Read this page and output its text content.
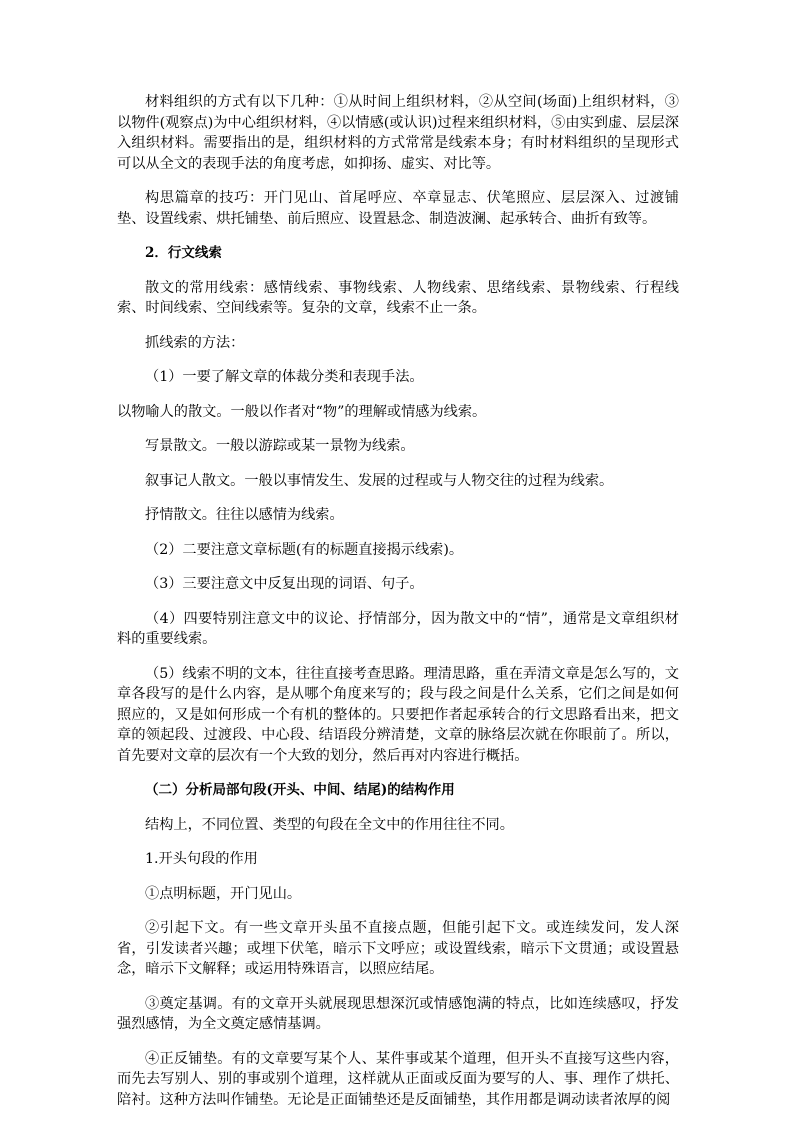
材料组织的方式有以下几种：①从时间上组织材料，②从空间(场面)上组织材料，③以物件(观察点)为中心组织材料，④以情感(或认识)过程来组织材料，⑤由实到虚、层层深入组织材料。需要指出的是，组织材料的方式常常是线索本身；有时材料组织的呈现形式可以从全文的表现手法的角度考虑，如抑扬、虚实、对比等。

构思篇章的技巧：开门见山、首尾呼应、卒章显志、伏笔照应、层层深入、过渡铺垫、设置线索、烘托铺垫、前后照应、设置悬念、制造波澜、起承转合、曲折有致等。

2．行文线索

散文的常用线索：感情线索、事物线索、人物线索、思绪线索、景物线索、行程线索、时间线索、空间线索等。复杂的文章，线索不止一条。

抓线索的方法：

（1）一要了解文章的体裁分类和表现手法。

以物喻人的散文。一般以作者对“物”的理解或情感为线索。

写景散文。一般以游踪或某一景物为线索。

叙事记人散文。一般以事情发生、发展的过程或与人物交往的过程为线索。

抒情散文。往往以感情为线索。

（2）二要注意文章标题(有的标题直接揭示线索)。

（3）三要注意文中反复出现的词语、句子。

（4）四要特别注意文中的议论、抒情部分，因为散文中的“情”，通常是文章组织材料的重要线索。

（5）线索不明的文本，往往直接考查思路。理清思路，重在弄清文章是怎么写的，文章各段写的是什么内容，是从哪个角度来写的；段与段之间是什么关系，它们之间是如何照应的，又是如何形成一个有机的整体的。只要把作者起承转合的行文思路看出来，把文章的领起段、过渡段、中心段、结语段分辨清楚，文章的脉络层次就在你眼前了。所以，首先要对文章的层次有一个大致的划分，然后再对内容进行概括。

（二）分析局部句段(开头、中间、结尾)的结构作用

结构上，不同位置、类型的句段在全文中的作用往往不同。

1.开头句段的作用

①点明标题，开门见山。

②引起下文。有一些文章开头虽不直接点题，但能引起下文。或连续发问，发人深省，引发读者兴趣；或埋下伏笔，暗示下文呼应；或设置线索，暗示下文贯通；或设置悬念，暗示下文解释；或运用特殊语言，以照应结尾。

③奠定基调。有的文章开头就展现思想深沉或情感饱满的特点，比如连续感叹，抒发强烈感情，为全文奠定感情基调。

④正反铺垫。有的文章要写某个人、某件事或某个道理，但开头不直接写这些内容，而先去写别人、别的事或别个道理，这样就从正面或反面为要写的人、事、理作了烘托、陪衬。这种方法叫作铺垫。无论是正面铺垫还是反面铺垫，其作用都是调动读者浓厚的阅
